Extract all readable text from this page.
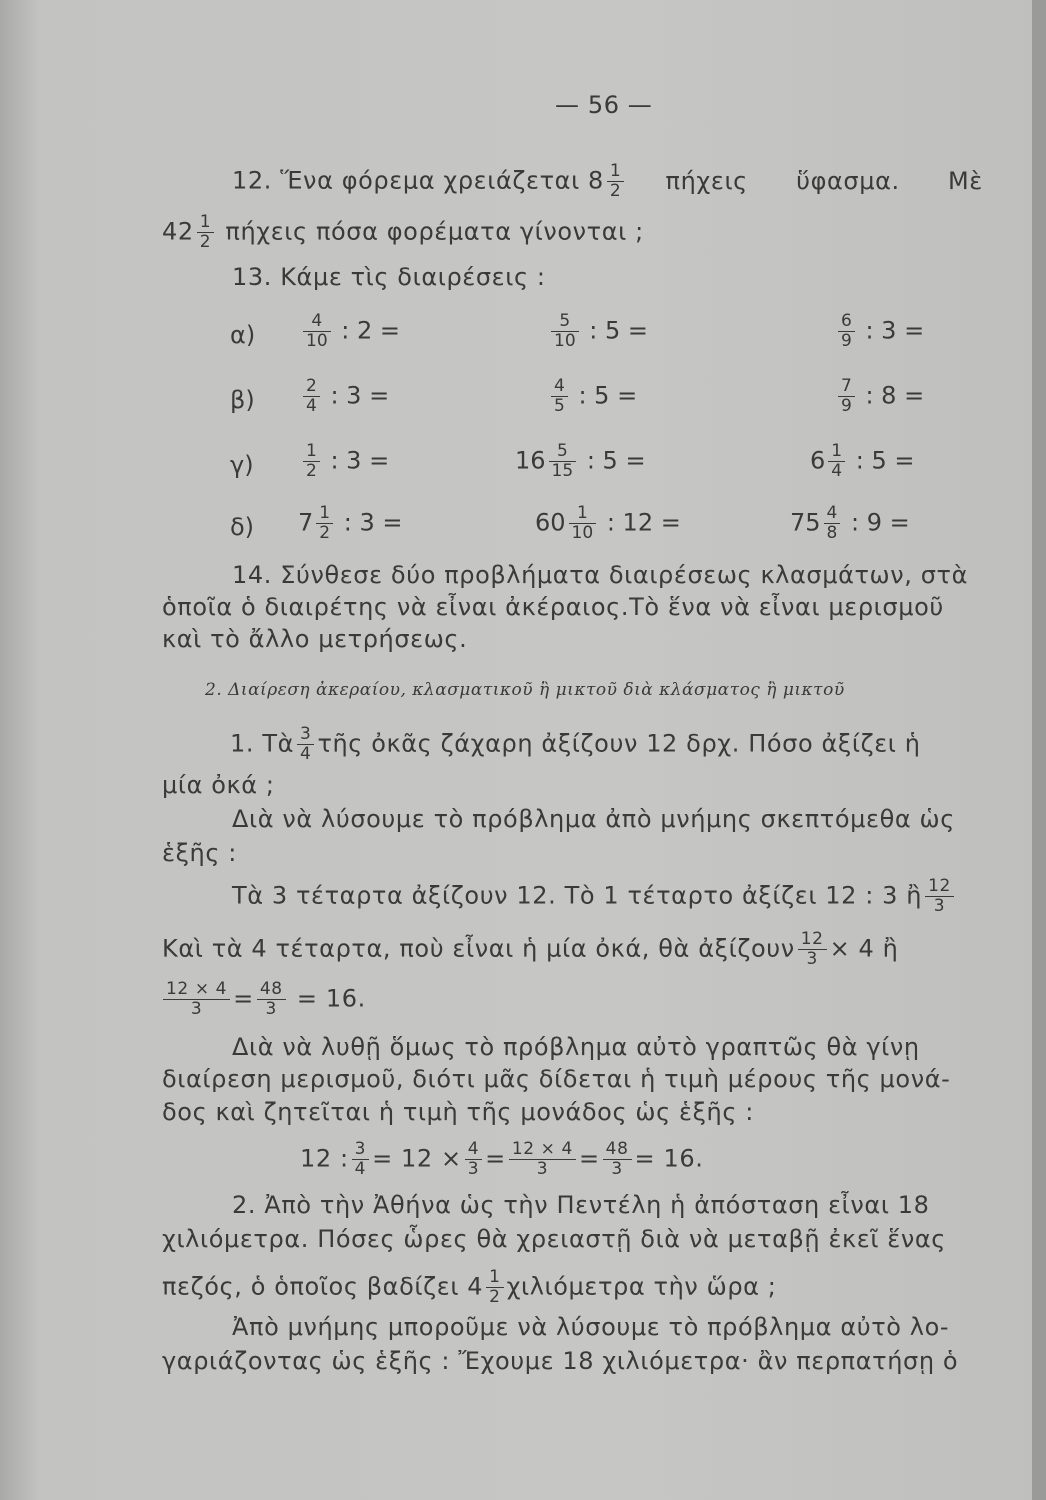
— 56 —
12. Ἕνα φόρεμα χρειάζεται $8 \frac{1}{2}$ πήχεις ὕφασμα. Μὲ
$42 \frac{1}{2}$ πήχεις πόσα φορέματα γίνονται ;
13. Κάμε τὶς διαιρέσεις :
α)	$\frac{4}{10}$ : 2 =	$\frac{5}{10}$ : 5 =	$\frac{6}{9}$ : 3 =
β)	$\frac{2}{4}$ : 3 =	$\frac{4}{5}$ : 5 =	$\frac{7}{9}$ : 8 =
γ)	$\frac{1}{2}$ : 3 =	$16 \frac{5}{15}$ : 5 =	$6 \frac{1}{4}$ : 5 =
δ) $7 \frac{1}{2}$ : 3 =	$60 \frac{1}{10}$ : 12 =	$75 \frac{4}{8}$ : 9 =
14. Σύνθεσε δύο προβλήματα διαιρέσεως κλασμάτων, στὰ
ὁποῖα ὁ διαιρέτης νὰ εἶναι ἀκέραιος.Τὸ ἕνα νὰ εἶναι μερισμοῦ
καὶ τὸ ἄλλο μετρήσεως.
2. Διαίρεση ἀκεραίου, κλασματικοῦ ἢ μικτοῦ διὰ κλάσματος ἢ μικτοῦ
1. Τὰ $\frac{3}{4}$ τῆς ὀκᾶς ζάχαρη ἀξίζουν 12 δρχ. Πόσο ἀξίζει ἡ
μία ὀκά ;
Διὰ νὰ λύσουμε τὸ πρόβλημα ἀπὸ μνήμης σκεπτόμεθα ὡς
ἑξῆς :
Τὰ 3 τέταρτα ἀξίζουν 12. Τὸ 1 τέταρτο ἀξίζει 12 : 3 ἢ $\frac{12}{3}$
Καὶ τὰ 4 τέταρτα, ποὺ εἶναι ἡ μία ὀκά, θὰ ἀξίζουν $\frac{12}{3} \times 4$ ἢ
$\frac{12 \times 4}{3} = \frac{48}{3} = 16$.
Διὰ νὰ λυθῇ ὅμως τὸ πρόβλημα αὐτὸ γραπτῶς θὰ γίνῃ
διαίρεση μερισμοῦ, διότι μᾶς δίδεται ἡ τιμὴ μέρους τῆς μονά-
δος καὶ ζητεῖται ἡ τιμὴ τῆς μονάδος ὡς ἑξῆς :
12 : $\frac{3}{4} = 12 \times \frac{4}{3} = \frac{12 \times 4}{3} = \frac{48}{3} = 16$.
2. Ἀπὸ τὴν Ἀθήνα ὡς τὴν Πεντέλη ἡ ἀπόσταση εἶναι 18
χιλιόμετρα. Πόσες ὧρες θὰ χρειαστῇ διὰ νὰ μεταβῇ ἐκεῖ ἕνας
πεζός, ὁ ὁποῖος βαδίζει $4 \frac{1}{2}$ χιλιόμετρα τὴν ὥρα ;
Ἀπὸ μνήμης μποροῦμε νὰ λύσουμε τὸ πρόβλημα αὐτὸ λο-
γαριάζοντας ὡς ἑξῆς : Ἔχουμε 18 χιλιόμετρα· ἂν περπατήσῃ ὁ
